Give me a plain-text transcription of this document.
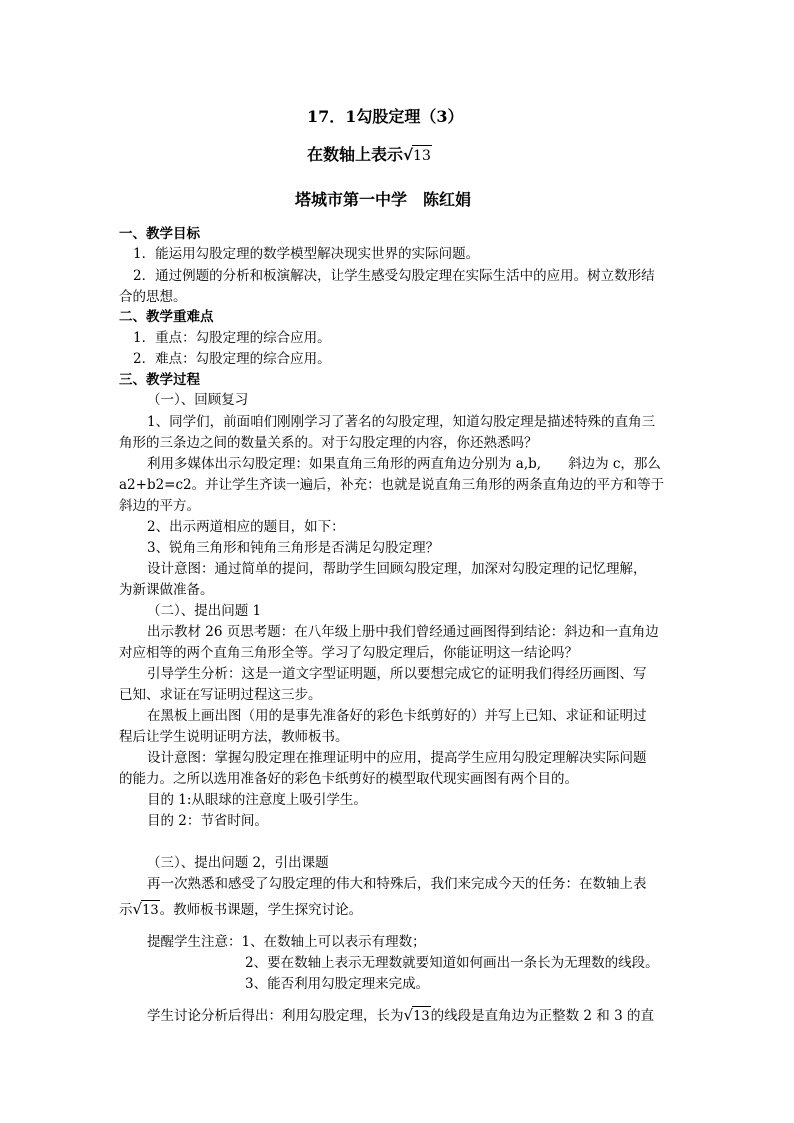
17．1勾股定理（3）
在数轴上表示√13
塔城市第一中学　陈红娟
一、教学目标
1．能运用勾股定理的数学模型解决现实世界的实际问题。
2．通过例题的分析和板演解决，让学生感受勾股定理在实际生活中的应用。树立数形结
合的思想。
二、教学重难点
1．重点：勾股定理的综合应用。
2．难点：勾股定理的综合应用。
三、教学过程
（一）、回顾复习
1、同学们，前面咱们刚刚学习了著名的勾股定理，知道勾股定理是描述特殊的直角三
角形的三条边之间的数量关系的。对于勾股定理的内容，你还熟悉吗？
利用多媒体出示勾股定理：如果直角三角形的两直角边分别为 a,b,　　斜边为 c，那么
a2+b2=c2。并让学生齐读一遍后，补充：也就是说直角三角形的两条直角边的平方和等于
斜边的平方。
2、出示两道相应的题目，如下：
3、锐角三角形和钝角三角形是否满足勾股定理？
设计意图：通过简单的提问，帮助学生回顾勾股定理，加深对勾股定理的记忆理解，
为新课做准备。
（二）、提出问题 1
出示教材 26 页思考题：在八年级上册中我们曾经通过画图得到结论：斜边和一直角边
对应相等的两个直角三角形全等。学习了勾股定理后，你能证明这一结论吗？
引导学生分析：这是一道文字型证明题，所以要想完成它的证明我们得经历画图、写
已知、求证在写证明过程这三步。
在黑板上画出图（用的是事先准备好的彩色卡纸剪好的）并写上已知、求证和证明过
程后让学生说明证明方法，教师板书。
设计意图：掌握勾股定理在推理证明中的应用，提高学生应用勾股定理解决实际问题
的能力。之所以选用准备好的彩色卡纸剪好的模型取代现实画图有两个目的。
目的 1:从眼球的注意度上吸引学生。
目的 2：节省时间。
（三）、提出问题 2，引出课题
再一次熟悉和感受了勾股定理的伟大和特殊后，我们来完成今天的任务：在数轴上表
示√13。教师板书课题，学生探究讨论。
提醒学生注意：1、在数轴上可以表示有理数；
2、要在数轴上表示无理数就要知道如何画出一条长为无理数的线段。
3、能否利用勾股定理来完成。
学生讨论分析后得出：利用勾股定理，长为√13的线段是直角边为正整数 2 和 3 的直
